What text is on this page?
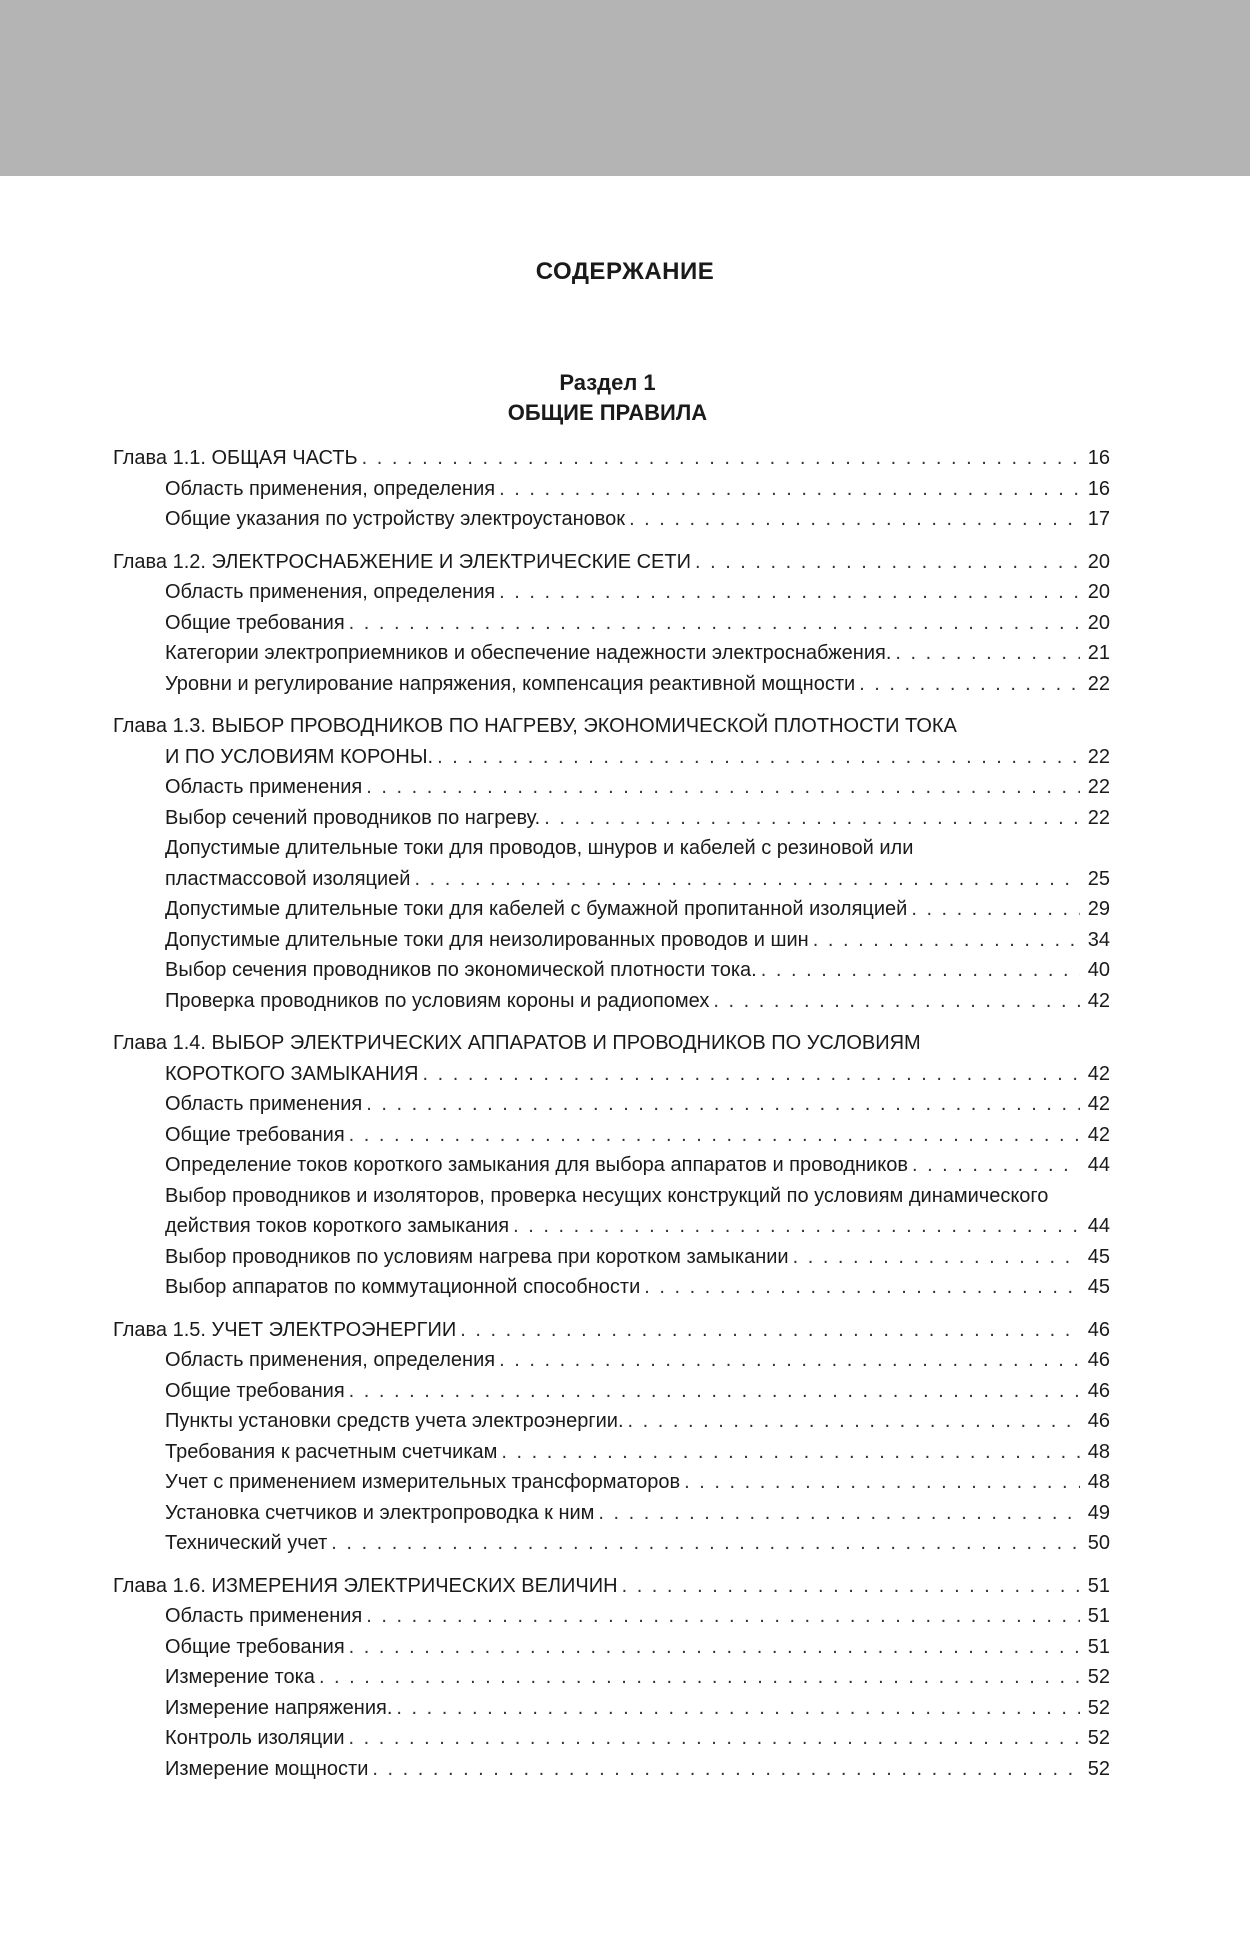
СОДЕРЖАНИЕ
Раздел 1
ОБЩИЕ ПРАВИЛА
Глава 1.1. ОБЩАЯ ЧАСТЬ . . .	16
Область применения, определения . . .	16
Общие указания по устройству электроустановок . . .	17
Глава 1.2. ЭЛЕКТРОСНАБЖЕНИЕ И ЭЛЕКТРИЧЕСКИЕ СЕТИ . . .	20
Область применения, определения . . .	20
Общие требования . . .	20
Категории электроприемников и обеспечение надежности электроснабжения. . . .	21
Уровни и регулирование напряжения, компенсация реактивной мощности . . .	22
Глава 1.3. ВЫБОР ПРОВОДНИКОВ ПО НАГРЕВУ, ЭКОНОМИЧЕСКОЙ ПЛОТНОСТИ ТОКА
И ПО УСЛОВИЯМ КОРОНЫ. . . .	22
Область применения . . .	22
Выбор сечений проводников по нагреву. . . .	22
Допустимые длительные токи для проводов, шнуров и кабелей с резиновой или
пластмассовой изоляцией . . .	25
Допустимые длительные токи для кабелей с бумажной пропитанной изоляцией . . .	29
Допустимые длительные токи для неизолированных проводов и шин . . .	34
Выбор сечения проводников по экономической плотности тока. . . .	40
Проверка проводников по условиям короны и радиопомех . . .	42
Глава 1.4. ВЫБОР ЭЛЕКТРИЧЕСКИХ АППАРАТОВ И ПРОВОДНИКОВ ПО УСЛОВИЯМ
КОРОТКОГО ЗАМЫКАНИЯ . . .	42
Область применения . . .	42
Общие требования . . .	42
Определение токов короткого замыкания для выбора аппаратов и проводников . . .	44
Выбор проводников и изоляторов, проверка несущих конструкций по условиям динамического
действия токов короткого замыкания . . .	44
Выбор проводников по условиям нагрева при коротком замыкании . . .	45
Выбор аппаратов по коммутационной способности . . .	45
Глава 1.5. УЧЕТ ЭЛЕКТРОЭНЕРГИИ . . .	46
Область применения, определения . . .	46
Общие требования . . .	46
Пункты установки средств учета электроэнергии. . . .	46
Требования к расчетным счетчикам . . .	48
Учет с применением измерительных трансформаторов . . .	48
Установка счетчиков и электропроводка к ним . . .	49
Технический учет . . .	50
Глава 1.6. ИЗМЕРЕНИЯ ЭЛЕКТРИЧЕСКИХ ВЕЛИЧИН . . .	51
Область применения . . .	51
Общие требования . . .	51
Измерение тока . . .	52
Измерение напряжения. . . .	52
Контроль изоляции . . .	52
Измерение мощности . . .	52
